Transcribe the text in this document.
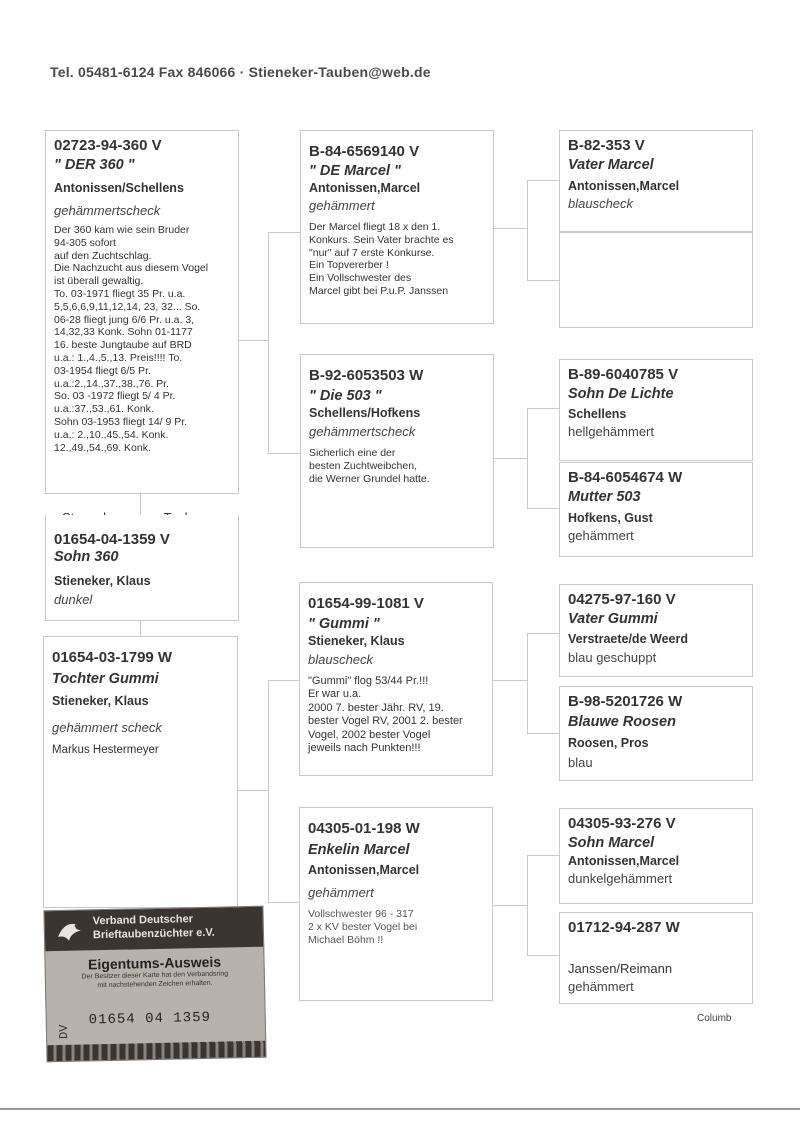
Tel. 05481-6124 Fax 846066 · Stieneker-Tauben@web.de
02723-94-360 V
" DER 360 "
Antonissen/Schellens
gehämmertscheck
Der 360 kam wie sein Bruder
94-305 sofort
auf den Zuchtschlag.
Die Nachzucht aus diesem Vogel
ist überall gewaltig.
To. 03-1971 fliegt 35 Pr. u.a.
5,5,6,6,9,11,12,14, 23, 32... So.
06-28 fliegt jung 6/6 Pr. u.a. 3,
14,32,33 Konk. Sohn 01-1177
16. beste Jungtaube auf BRD
u.a.: 1.,4.,5.,13. Preis!!!! To.
03-1954 fliegt 6/5 Pr.
u.a.:2.,14.,37.,38.,76. Pr.
So. 03 -1972 fliegt 5/ 4 Pr.
u.a.:37.,53.,61. Konk.
Sohn 03-1953 fliegt 14/ 9 Pr.
u.a.: 2.,10.,45.,54. Konk.
12.,49.,54.,69. Konk.
01654-04-1359 V
Sohn 360
Stieneker, Klaus
dunkel
01654-03-1799 W
Tochter Gummi
Stieneker, Klaus
gehämmert scheck
Markus Hestermeyer
B-84-6569140 V
" DE Marcel "
Antonissen,Marcel
gehämmert
Der Marcel fliegt 18 x den 1.
Konkurs. Sein Vater brachte es
"nur" auf 7 erste Konkurse.
Ein Topvererber !
Ein Vollschwester des
Marcel gibt bei P.u.P. Janssen
B-92-6053503 W
" Die 503 "
Schellens/Hofkens
gehämmertscheck
Sicherlich eine der
besten Zuchtweibchen,
die Werner Grundel hatte.
01654-99-1081 V
" Gummi "
Stieneker, Klaus
blauscheck
"Gummi" flog 53/44 Pr.!!!
Er war u.a.
2000 7. bester Jähr. RV, 19.
bester Vogel RV, 2001 2. bester
Vogel, 2002 bester Vogel
jeweils nach Punkten!!!
04305-01-198 W
Enkelin Marcel
Antonissen,Marcel
gehämmert
Vollschwester 96 - 317
2 x KV bester Vogel bei
Michael Böhm !!
B-82-353 V
Vater Marcel
Antonissen,Marcel
blauscheck
B-89-6040785 V
Sohn De Lichte
Schellens
hellgehämmert
B-84-6054674 W
Mutter 503
Hofkens, Gust
gehämmert
04275-97-160 V
Vater Gummi
Verstraete/de Weerd
blau geschuppt
B-98-5201726 W
Blauwe Roosen
Roosen, Pros
blau
04305-93-276 V
Sohn Marcel
Antonissen,Marcel
dunkelgehämmert
01712-94-287 W
Janssen/Reimann
gehämmert
Columb
Verband Deutscher
Brieftaubenzüchter e.V.
Eigentums-Ausweis
Der Besitzer dieser Karte hat den Verbandsring
mit nachstehenden Zeichen erhalten.
DV
01654 04 1359
